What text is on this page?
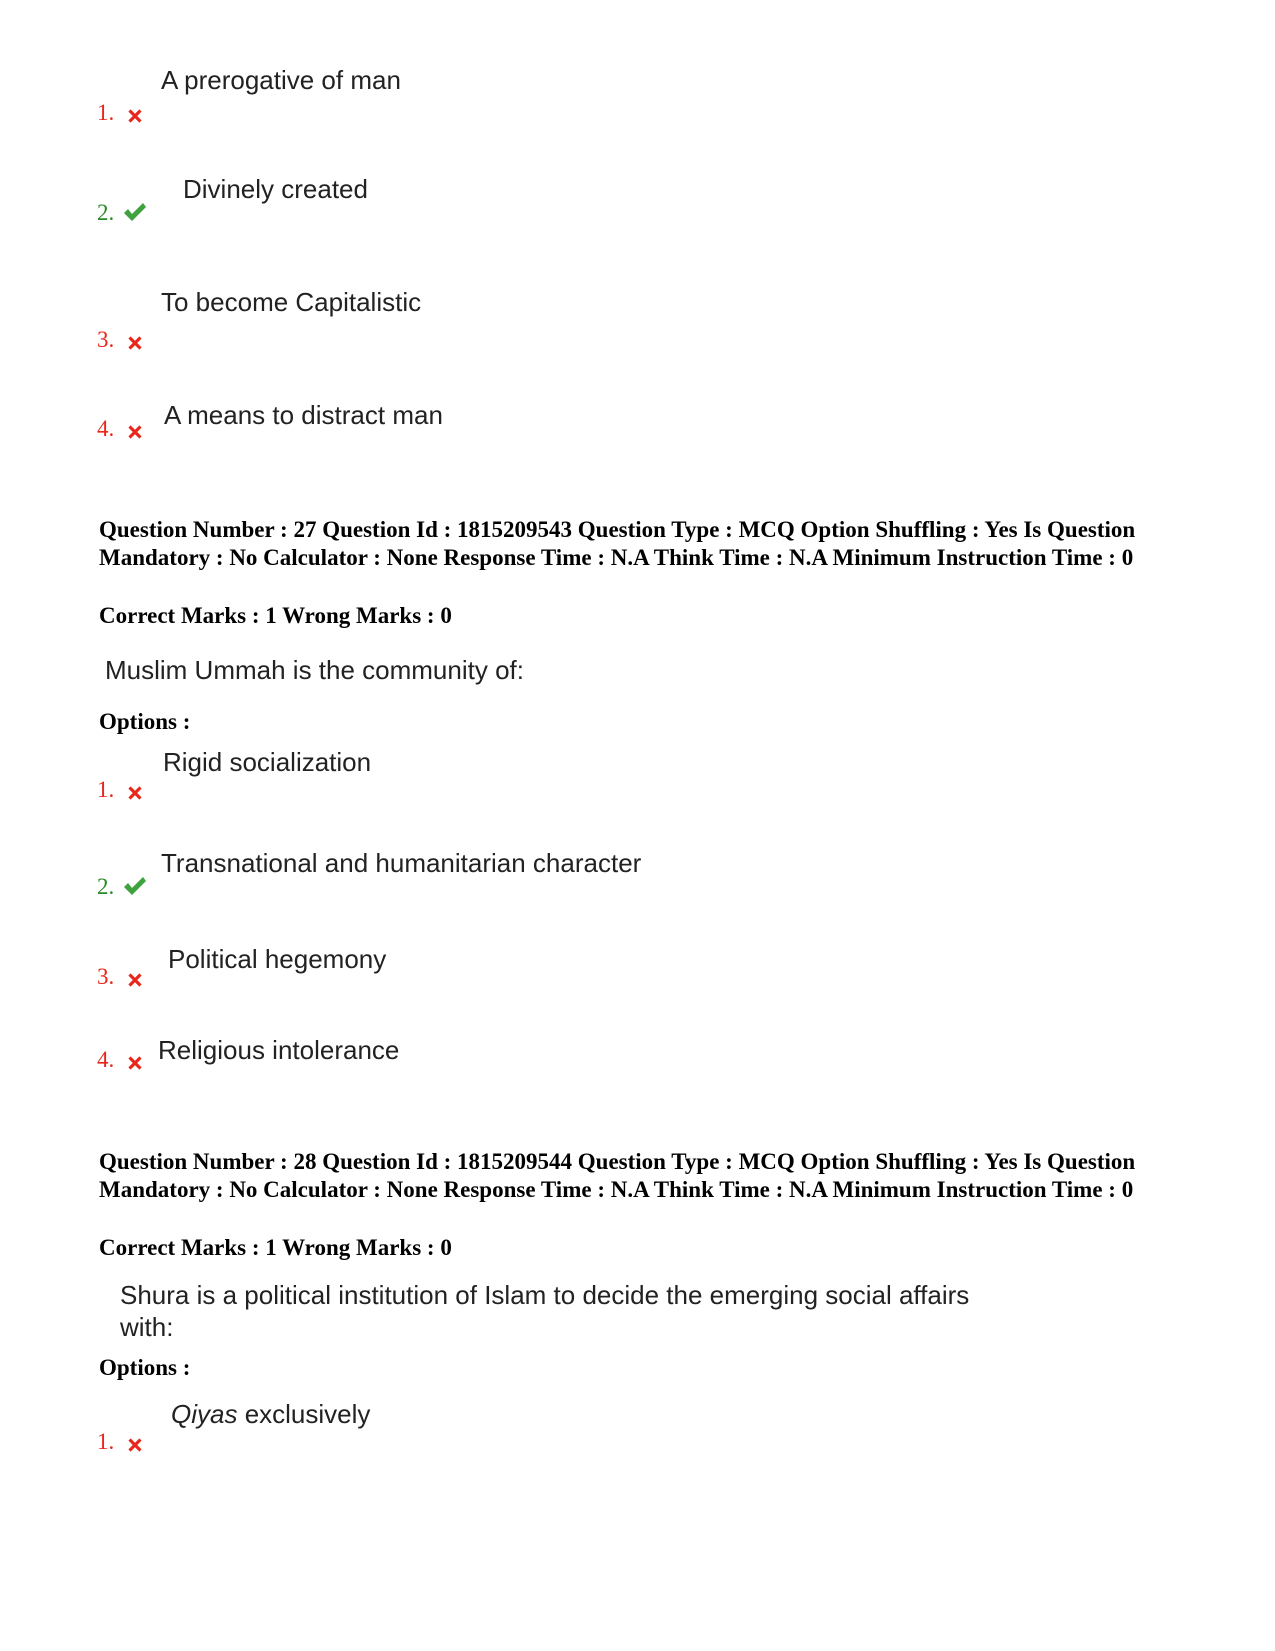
A prerogative of man
1.
Divinely created
2.
To become Capitalistic
3.
A means to distract man
4.
Question Number : 27 Question Id : 1815209543 Question Type : MCQ Option Shuffling : Yes Is Question Mandatory : No Calculator : None Response Time : N.A Think Time : N.A Minimum Instruction Time : 0
Correct Marks : 1 Wrong Marks : 0
Muslim Ummah is the community of:
Options :
Rigid socialization
1.
Transnational and humanitarian character
2.
Political hegemony
3.
Religious intolerance
4.
Question Number : 28 Question Id : 1815209544 Question Type : MCQ Option Shuffling : Yes Is Question Mandatory : No Calculator : None Response Time : N.A Think Time : N.A Minimum Instruction Time : 0
Correct Marks : 1 Wrong Marks : 0
Shura is a political institution of Islam to decide the emerging social affairs
with:
Options :
Qiyas exclusively
1.
